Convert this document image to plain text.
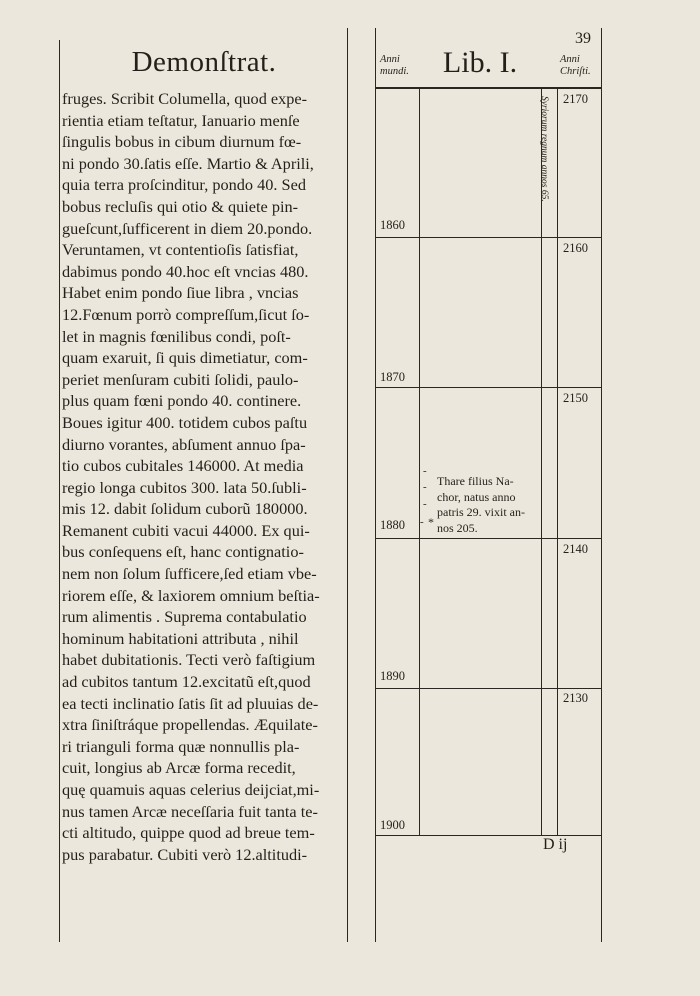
Demonſtrat.
fruges. Scribit Columella, quod expe-
rientia etiam teſtatur, Ianuario menſe
ſingulis bobus in cibum diurnum fœ-
ni pondo 30.ſatis eſſe. Martio & Aprili,
quia terra proſcinditur, pondo 40. Sed
bobus recluſis qui otio & quiete pin-
gueſcunt,ſufficerent in diem 20.pondo.
Veruntamen, vt contentioſis ſatisfiat,
dabimus pondo 40.hoc eſt vncias 480.
Habet enim pondo ſiue libra , vncias
12.Fœnum porrò compreſſum,ſicut ſo-
let in magnis fœnilibus condi, poſt-
quam exaruit, ſi quis dimetiatur, com-
periet menſuram cubiti ſolidi, paulo-
plus quam fœni pondo 40. continere.
Boues igitur 400. totidem cubos paſtu
diurno vorantes, abſument annuo ſpa-
tio cubos cubitales 146000. At media
regio longa cubitos 300. lata 50.ſubli-
mis 12. dabit ſolidum cuborũ 180000.
Remanent cubiti vacui 44000. Ex qui-
bus conſequens eſt, hanc contignatio-
nem non ſolum ſufficere,ſed etiam vbe-
riorem eſſe, & laxiorem omnium beſtia-
rum alimentis . Suprema contabulatio
hominum habitationi attributa , nihil
habet dubitationis. Tecti verò faſtigium
ad cubitos tantum 12.excitatũ eſt,quod
ea tecti inclinatio ſatis ſit ad pluuias de-
xtra ſiniſtráque propellendas. Æquilate-
ri trianguli forma quæ nonnullis pla-
cuit, longius ab Arcæ forma recedit,
quę quamuis aquas celerius deijciat,mi-
nus tamen Arcæ neceſſaria fuit tanta te-
cti altitudo, quippe quod ad breue tem-
pus parabatur. Cubiti verò 12.altitudi-
39
Anni
mundi.	Lib. I.	Anni
Chriſti.
1860
1870
1880
1890
1900
2170
2160
2150
2140
2130
Syriorum regnum annos 65.
-
-
-
- *
Thare filius Na-
chor, natus anno
patris 29. vixit an-
nos 205.
D ij
